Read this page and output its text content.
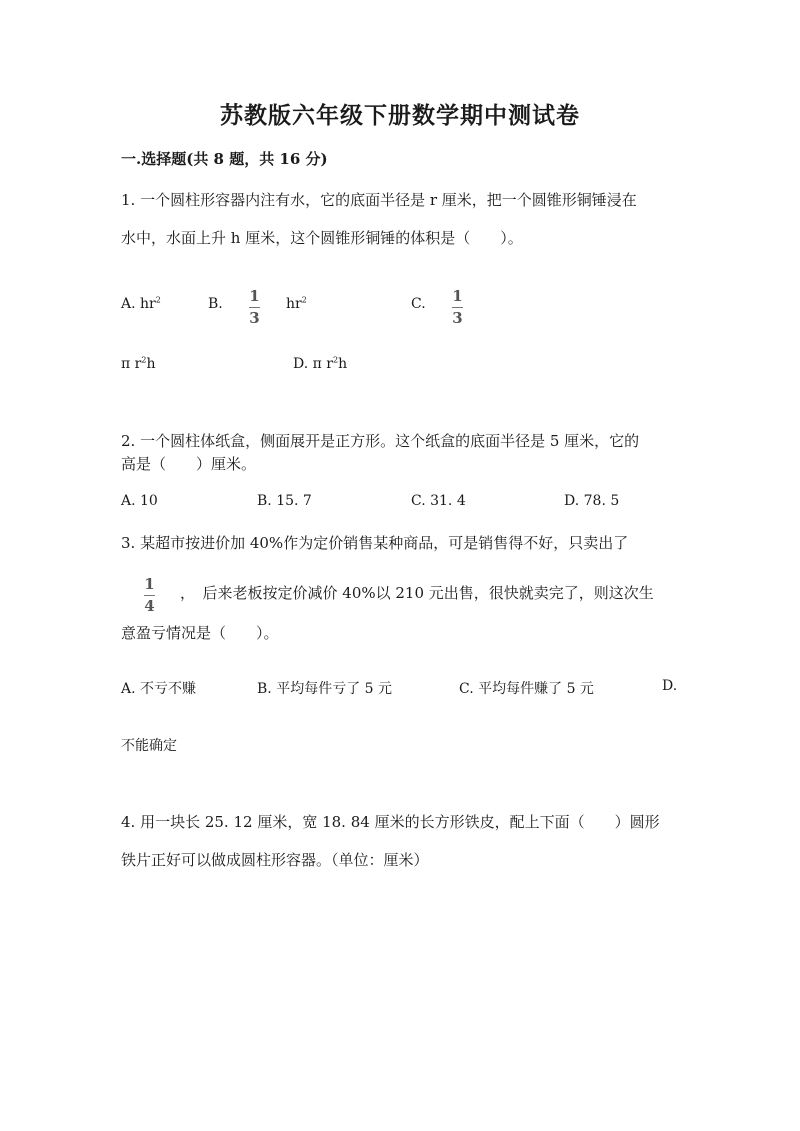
苏教版六年级下册数学期中测试卷
一.选择题(共 8 题，共 16 分)
1. 一个圆柱形容器内注有水，它的底面半径是 r 厘米，把一个圆锥形铜锤浸在
水中，水面上升 h 厘米，这个圆锥形铜锤的体积是（　　）。
A. $hr^2$	B. 1
3
$hr^2$	C. 1
3
π $r^2h$	D. π $r^2h$
2. 一个圆柱体纸盒，侧面展开是正方形。这个纸盒的底面半径是 5 厘米，它的
高是（　　）厘米。
A. 10	B. 15. 7	C. 31. 4	D. 78. 5
3. 某超市按进价加 40%作为定价销售某种商品，可是销售得不好，只卖出了
1
4
，　后来老板按定价减价 40%以 210 元出售，很快就卖完了，则这次生
意盈亏情况是（　　）。
A. 不亏不赚	B. 平均每件亏了 5 元	C. 平均每件赚了 5 元	D.
不能确定
4. 用一块长 25. 12 厘米，宽 18. 84 厘米的长方形铁皮，配上下面（　　）圆形
铁片正好可以做成圆柱形容器。（单位：厘米）
